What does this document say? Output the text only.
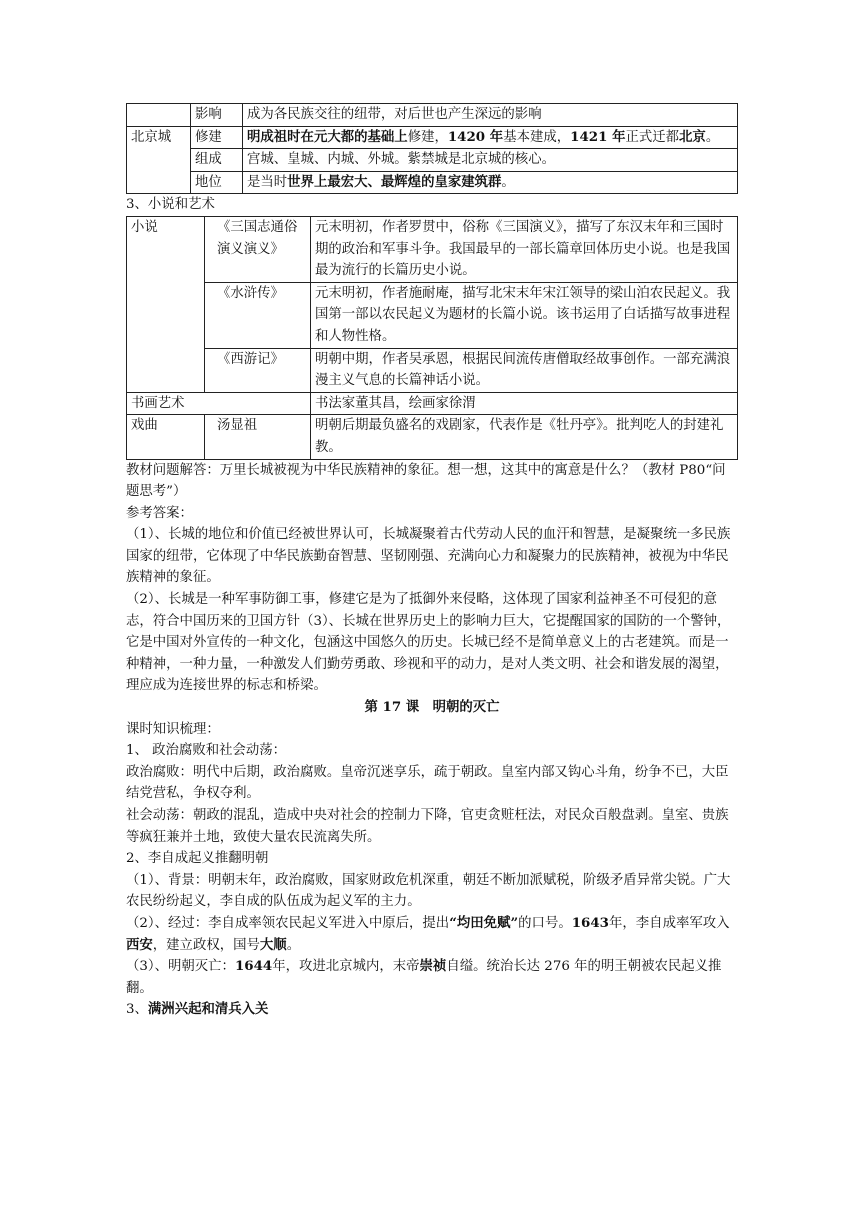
	影响	成为各民族交往的纽带，对后世也产生深远的影响
北京城	修建	明成祖时在元大都的基础上修建，1420 年基本建成，1421 年正式迁都北京。
	组成	宫城、皇城、内城、外城。紫禁城是北京城的核心。
	地位	是当时世界上最宏大、最辉煌的皇家建筑群。

3、小说和艺术

小说	《三国志通俗演义演义》	元末明初，作者罗贯中，俗称《三国演义》，描写了东汉末年和三国时期的政治和军事斗争。我国最早的一部长篇章回体历史小说。也是我国最为流行的长篇历史小说。
	《水浒传》	元末明初，作者施耐庵，描写北宋末年宋江领导的梁山泊农民起义。我国第一部以农民起义为题材的长篇小说。该书运用了白话描写故事进程和人物性格。
	《西游记》	明朝中期，作者吴承恩，根据民间流传唐僧取经故事创作。一部充满浪漫主义气息的长篇神话小说。
书画艺术		书法家董其昌，绘画家徐渭
戏曲	汤显祖	明朝后期最负盛名的戏剧家，代表作是《牡丹亭》。批判吃人的封建礼教。

教材问题解答：万里长城被视为中华民族精神的象征。想一想，这其中的寓意是什么？（教材 P80“问题思考”）

参考答案：

（1）、长城的地位和价值已经被世界认可，长城凝聚着古代劳动人民的血汗和智慧，是凝聚统一多民族国家的纽带，它体现了中华民族勤奋智慧、坚韧刚强、充满向心力和凝聚力的民族精神，被视为中华民族精神的象征。

（2）、长城是一种军事防御工事，修建它是为了抵御外来侵略，这体现了国家利益神圣不可侵犯的意志，符合中国历来的卫国方针（3）、长城在世界历史上的影响力巨大，它提醒国家的国防的一个警钟，它是中国对外宣传的一种文化，包涵这中国悠久的历史。长城已经不是简单意义上的古老建筑。而是一种精神，一种力量，一种激发人们勤劳勇敢、珍视和平的动力，是对人类文明、社会和谐发展的渴望，理应成为连接世界的标志和桥梁。

第 17 课　明朝的灭亡

课时知识梳理：

1、 政治腐败和社会动荡：

政治腐败：明代中后期，政治腐败。皇帝沉迷享乐，疏于朝政。皇室内部又钩心斗角，纷争不已，大臣结党营私，争权夺利。

社会动荡：朝政的混乱，造成中央对社会的控制力下降，官吏贪赃枉法，对民众百般盘剥。皇室、贵族等疯狂兼并土地，致使大量农民流离失所。

2、李自成起义推翻明朝

（1）、背景：明朝末年，政治腐败，国家财政危机深重，朝廷不断加派赋税，阶级矛盾异常尖锐。广大农民纷纷起义，李自成的队伍成为起义军的主力。

（2）、经过：李自成率领农民起义军进入中原后，提出“均田免赋”的口号。1643年，李自成率军攻入西安，建立政权，国号大顺。

（3）、明朝灭亡：1644年，攻进北京城内，末帝崇祯自缢。统治长达 276 年的明王朝被农民起义推翻。

3、满洲兴起和清兵入关
